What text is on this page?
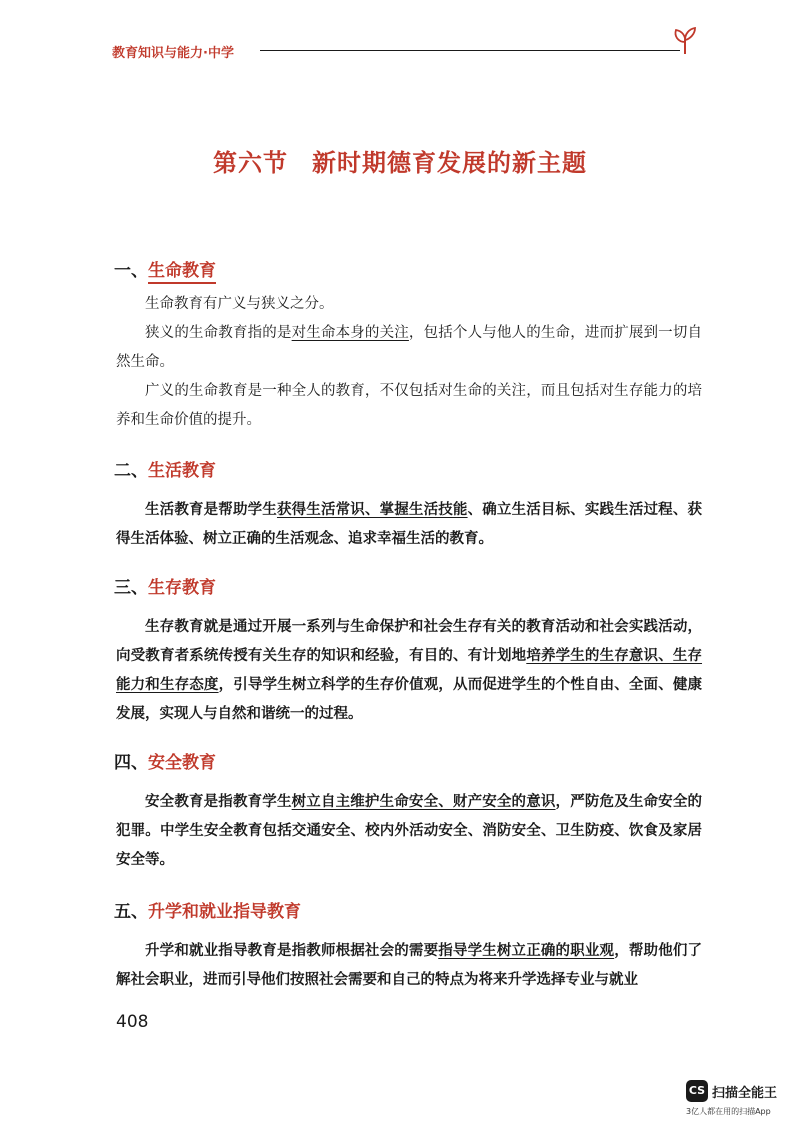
教育知识与能力·中学
第六节 新时期德育发展的新主题
一、生命教育

生命教育有广义与狭义之分。

狭义的生命教育指的是对生命本身的关注，包括个人与他人的生命，进而扩展到一切自然生命。

广义的生命教育是一种全人的教育，不仅包括对生命的关注，而且包括对生存能力的培养和生命价值的提升。

二、生活教育

生活教育是帮助学生获得生活常识、掌握生活技能、确立生活目标、实践生活过程、获得生活体验、树立正确的生活观念、追求幸福生活的教育。

三、生存教育

生存教育就是通过开展一系列与生命保护和社会生存有关的教育活动和社会实践活动，向受教育者系统传授有关生存的知识和经验，有目的、有计划地培养学生的生存意识、生存能力和生存态度，引导学生树立科学的生存价值观，从而促进学生的个性自由、全面、健康发展，实现人与自然和谐统一的过程。

四、安全教育

安全教育是指教育学生树立自主维护生命安全、财产安全的意识，严防危及生命安全的犯罪。中学生安全教育包括交通安全、校内外活动安全、消防安全、卫生防疫、饮食及家居安全等。

五、升学和就业指导教育

升学和就业指导教育是指教师根据社会的需要指导学生树立正确的职业观，帮助他们了解社会职业，进而引导他们按照社会需要和自己的特点为将来升学选择专业与就业

408
CS 扫描全能王
3亿人都在用的扫描App
